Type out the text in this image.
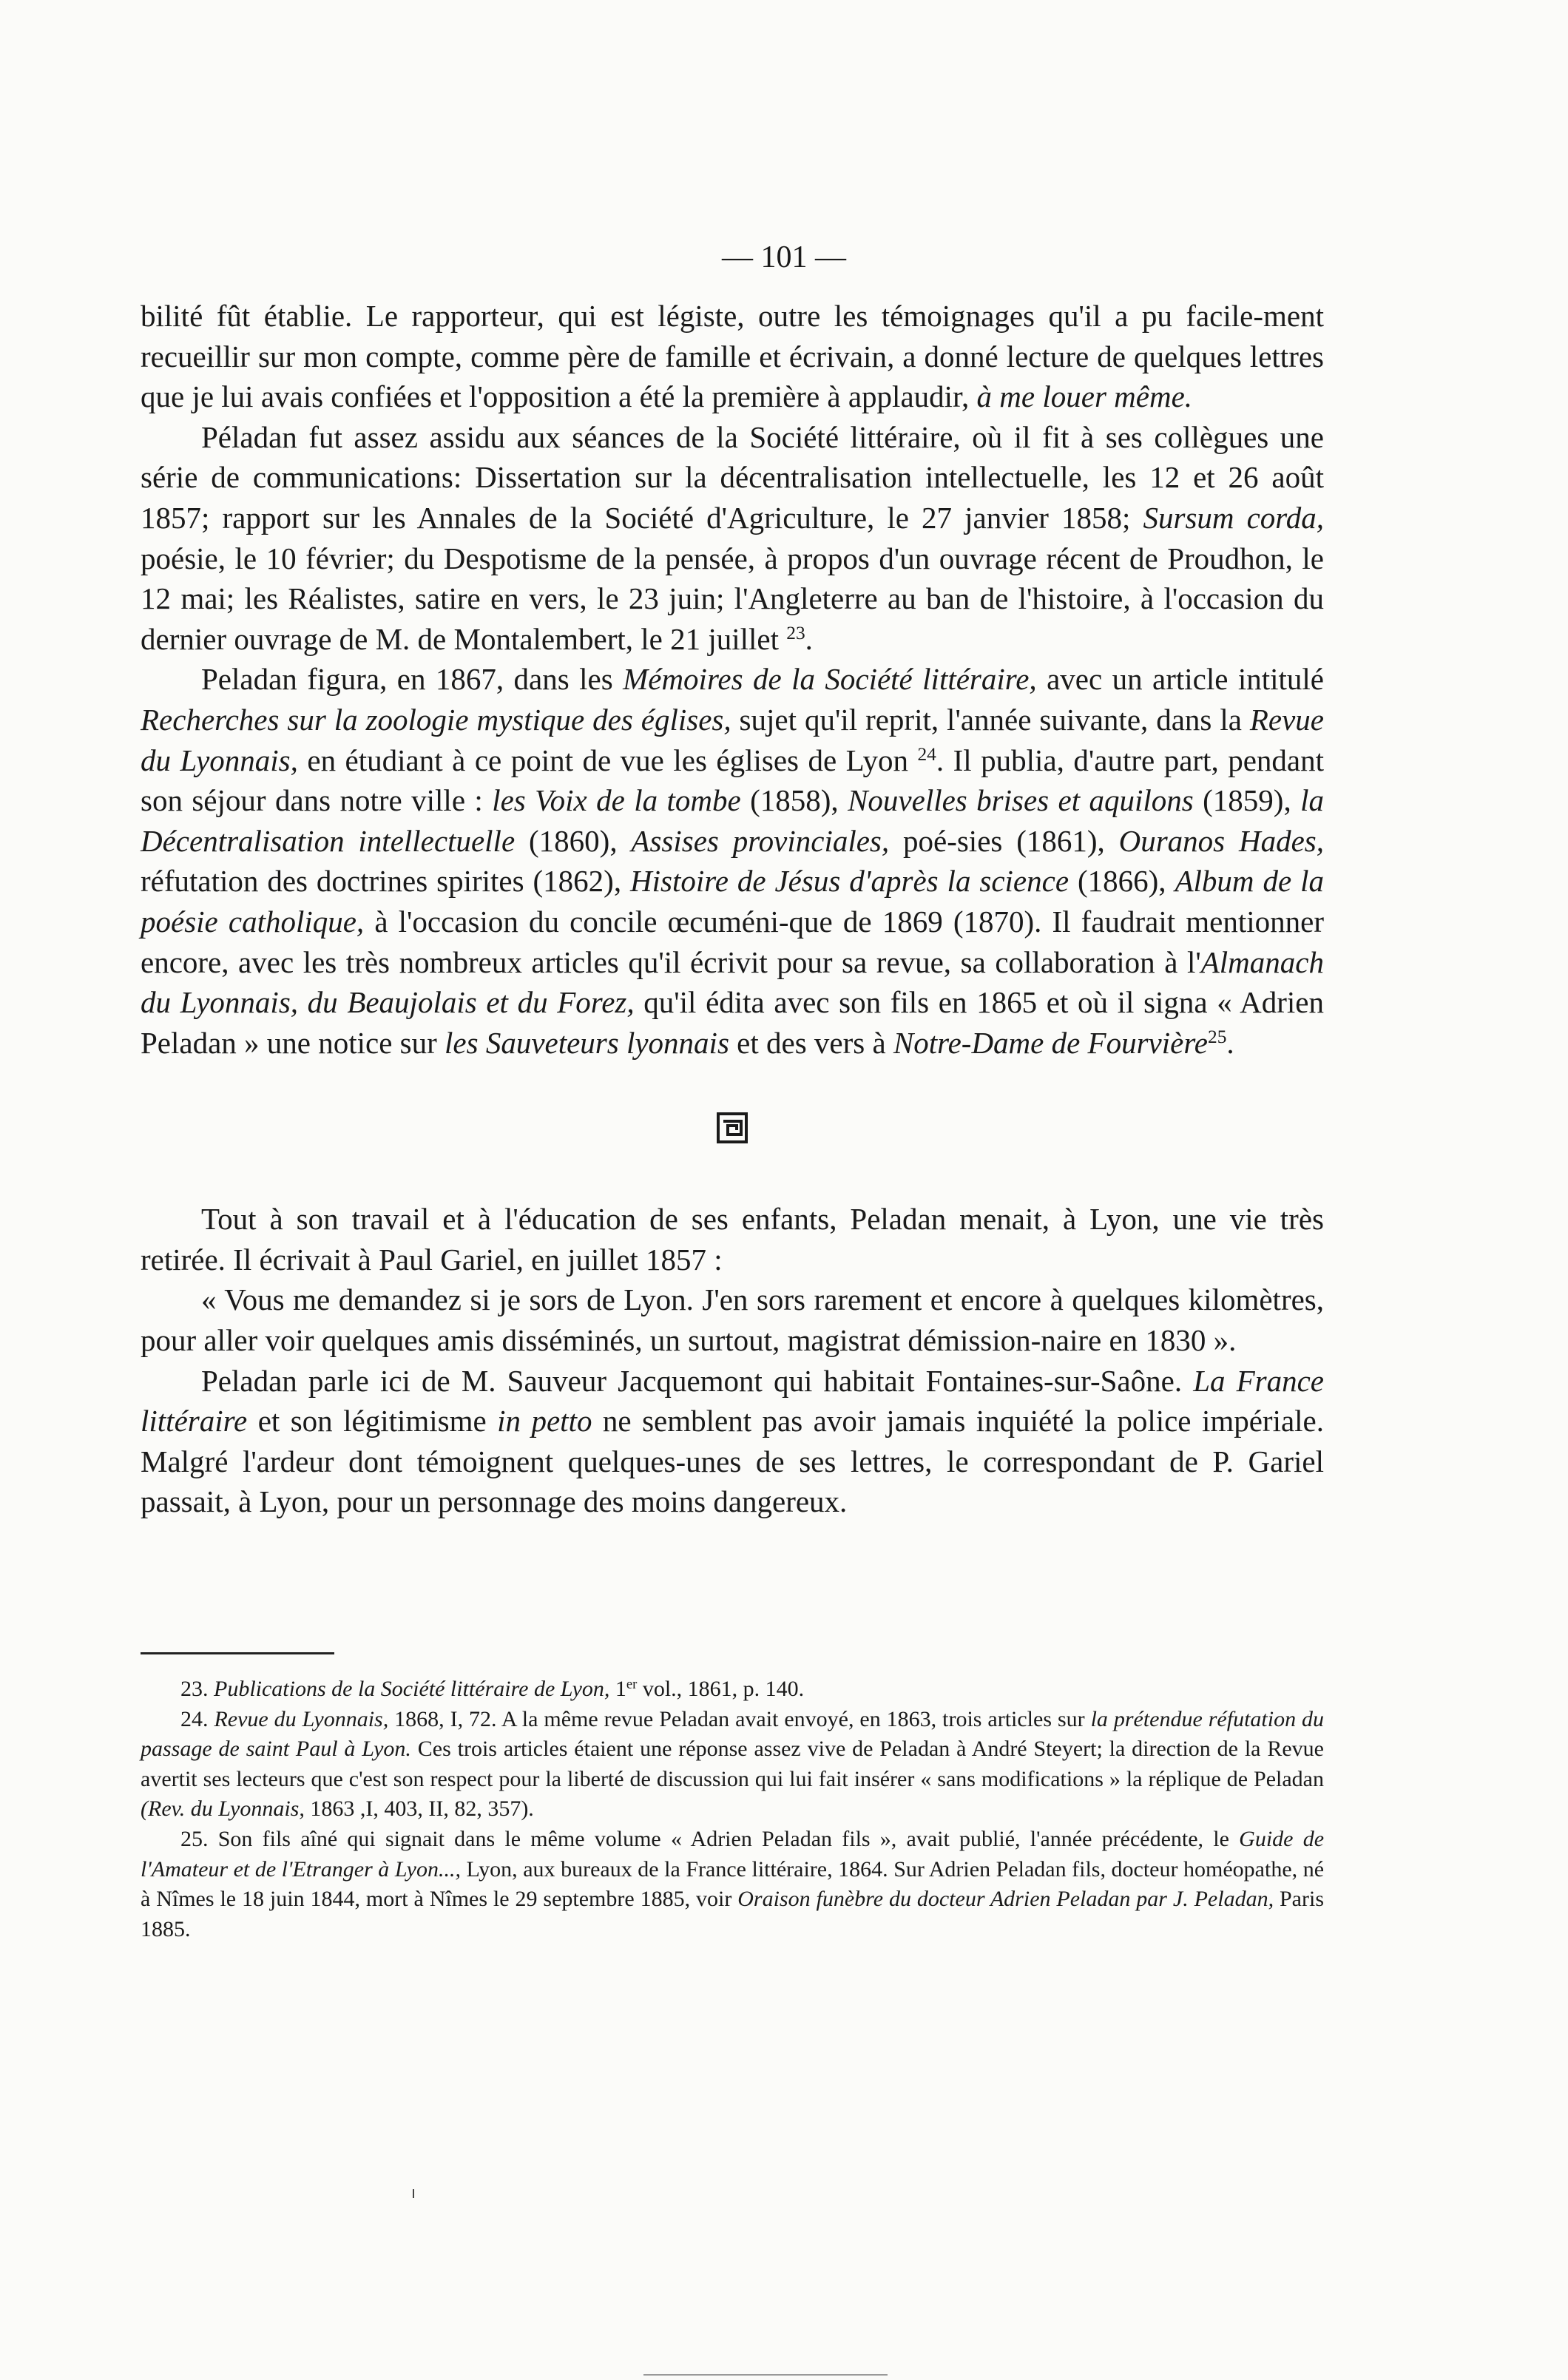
— 101 —

bilité fût établie. Le rapporteur, qui est légiste, outre les témoignages qu'il a pu facile-ment recueillir sur mon compte, comme père de famille et écrivain, a donné lecture de quelques lettres que je lui avais confiées et l'opposition a été la première à applaudir, à me louer même.

Péladan fut assez assidu aux séances de la Société littéraire, où il fit à ses collègues une série de communications: Dissertation sur la décentralisation intellectuelle, les 12 et 26 août 1857; rapport sur les Annales de la Société d'Agriculture, le 27 janvier 1858; Sursum corda, poésie, le 10 février; du Despotisme de la pensée, à propos d'un ouvrage récent de Proudhon, le 12 mai; les Réalistes, satire en vers, le 23 juin; l'Angleterre au ban de l'histoire, à l'occasion du dernier ouvrage de M. de Montalembert, le 21 juillet $^{23}$.

Peladan figura, en 1867, dans les Mémoires de la Société littéraire, avec un article intitulé Recherches sur la zoologie mystique des églises, sujet qu'il reprit, l'année suivante, dans la Revue du Lyonnais, en étudiant à ce point de vue les églises de Lyon $^{24}$. Il publia, d'autre part, pendant son séjour dans notre ville : les Voix de la tombe (1858), Nouvelles brises et aquilons (1859), la Décentralisation intellectuelle (1860), Assises provinciales, poé-sies (1861), Ouranos Hades, réfutation des doctrines spirites (1862), Histoire de Jésus d'après la science (1866), Album de la poésie catholique, à l'occasion du concile œcuméni-que de 1869 (1870). Il faudrait mentionner encore, avec les très nombreux articles qu'il écrivit pour sa revue, sa collaboration à l'Almanach du Lyonnais, du Beaujolais et du Forez, qu'il édita avec son fils en 1865 et où il signa « Adrien Peladan » une notice sur les Sauveteurs lyonnais et des vers à Notre-Dame de Fourvière$^{25}$.

Tout à son travail et à l'éducation de ses enfants, Peladan menait, à Lyon, une vie très retirée. Il écrivait à Paul Gariel, en juillet 1857 :

« Vous me demandez si je sors de Lyon. J'en sors rarement et encore à quelques kilomètres, pour aller voir quelques amis disséminés, un surtout, magistrat démission-naire en 1830 ».

Peladan parle ici de M. Sauveur Jacquemont qui habitait Fontaines-sur-Saône. La France littéraire et son légitimisme in petto ne semblent pas avoir jamais inquiété la police impériale. Malgré l'ardeur dont témoignent quelques-unes de ses lettres, le correspondant de P. Gariel passait, à Lyon, pour un personnage des moins dangereux.

23. Publications de la Société littéraire de Lyon, 1er vol., 1861, p. 140.

24. Revue du Lyonnais, 1868, I, 72. A la même revue Peladan avait envoyé, en 1863, trois articles sur la prétendue réfutation du passage de saint Paul à Lyon. Ces trois articles étaient une réponse assez vive de Peladan à André Steyert; la direction de la Revue avertit ses lecteurs que c'est son respect pour la liberté de discussion qui lui fait insérer « sans modifications » la réplique de Peladan (Rev. du Lyonnais, 1863 ,I, 403, II, 82, 357).

25. Son fils aîné qui signait dans le même volume « Adrien Peladan fils », avait publié, l'année précédente, le Guide de l'Amateur et de l'Etranger à Lyon..., Lyon, aux bureaux de la France littéraire, 1864. Sur Adrien Peladan fils, docteur homéopathe, né à Nîmes le 18 juin 1844, mort à Nîmes le 29 septembre 1885, voir Oraison funèbre du docteur Adrien Peladan par J. Peladan, Paris 1885.
